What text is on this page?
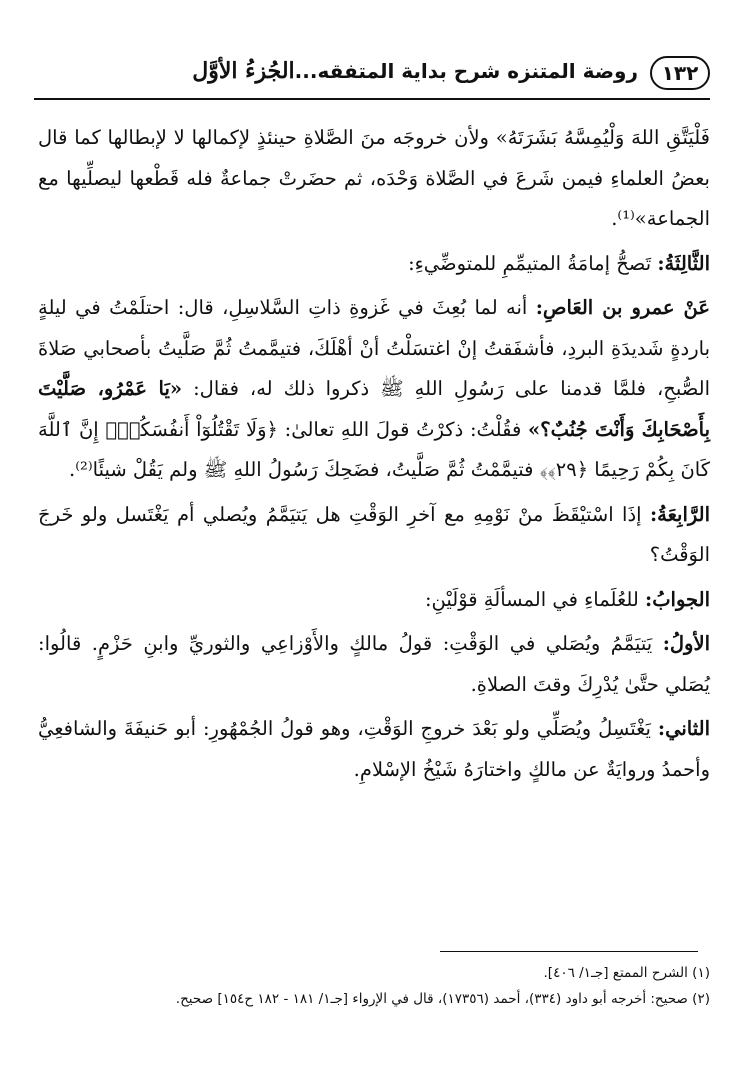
١٣٢
روضة المتنزه شرح بداية المتفقه...الجُزءُ الأوَّل

فَلْيَتَّقِ اللهَ وَلْيُمِسَّهُ بَشَرَتَهُ» ولأن خروجَه منَ الصَّلاةِ حينئذٍ لإكمالها لا لإبطالها كما قال بعضُ العلماءِ فيمن شَرعَ في الصَّلاة وَحْدَه، ثم حضَرتْ جماعةٌ فله قَطْعها ليصلِّيها مع الجماعة»⁽¹⁾.

الثَّالِثَةُ: تَصحُّ إمامَةُ المتيمِّمِ للمتوضِّيءِ:

عَنْ عمرو بن العَاصِ: أنه لما بُعِثَ في غَزوةِ ذاتِ السَّلاسِلِ، قال: احتلَمْتُ في ليلةٍ باردةٍ شَديدَةِ البردِ، فأشفَقتُ إنْ اغتسَلْتُ أنْ أهْلَكَ، فتيمَّمتُ ثُمَّ صَلَّيتُ بأصحابي صَلاةَ الصُّبحِ، فلمَّا قدمنا على رَسُولِ اللهِ ﷺ ذكروا ذلك له، فقال: «يَا عَمْرُو، صَلَّيْتَ بِأَصْحَابِكَ وَأَنْتَ جُنُبٌ؟» فقُلْتُ: ذكرْتُ قولَ اللهِ تعالىٰ: ﴿وَلَا تَقْتُلُوٓاْ أَنفُسَكُمْۚ إِنَّ ٱللَّهَ كَانَ بِكُمْ رَحِيمًا ﴿٢٩﴾﴾ فتيمَّمْتُ ثُمَّ صَلَّيتُ، فضَحِكَ رَسُولُ اللهِ ﷺ ولم يَقُلْ شيئًا⁽²⁾.

الرَّابِعَةُ: إذَا اسْتيْقَظَ منْ نَوْمِهِ مع آخرِ الوَقْتِ هل يَتيَمَّمُ ويُصلي أم يَغْتَسل ولو خَرجَ الوَقْتُ؟

الجوابُ: للعُلَماءِ في المسألَةِ قوْلَيْنِ:

الأولُ: يَتيَمَّمُ ويُصَلي في الوَقْتِ: قولُ مالكٍ والأَوْزاعِي والثوريِّ وابنِ حَزْمٍ. قالُوا: يُصَلي حتَّىٰ يُدْرِكَ وقتَ الصلاةِ.

الثاني: يَغْتَسِلُ ويُصَلِّي ولو بَعْدَ خروجِ الوَقْتِ، وهو قولُ الجُمْهُورِ: أبو حَنيفَةَ والشافعِيُّ وأحمدُ وروايَةٌ عن مالكٍ واختارَهُ شَيْخُ الإسْلامِ.

(١) الشرح الممتع [جـ١/ ٤٠٦].

(٢) صحيح: أخرجه أبو داود (٣٣٤)، أحمد (١٧٣٥٦)، قال في الإرواء [جـ١/ ١٨١ - ١٨٢ ح١٥٤] صحيح.
